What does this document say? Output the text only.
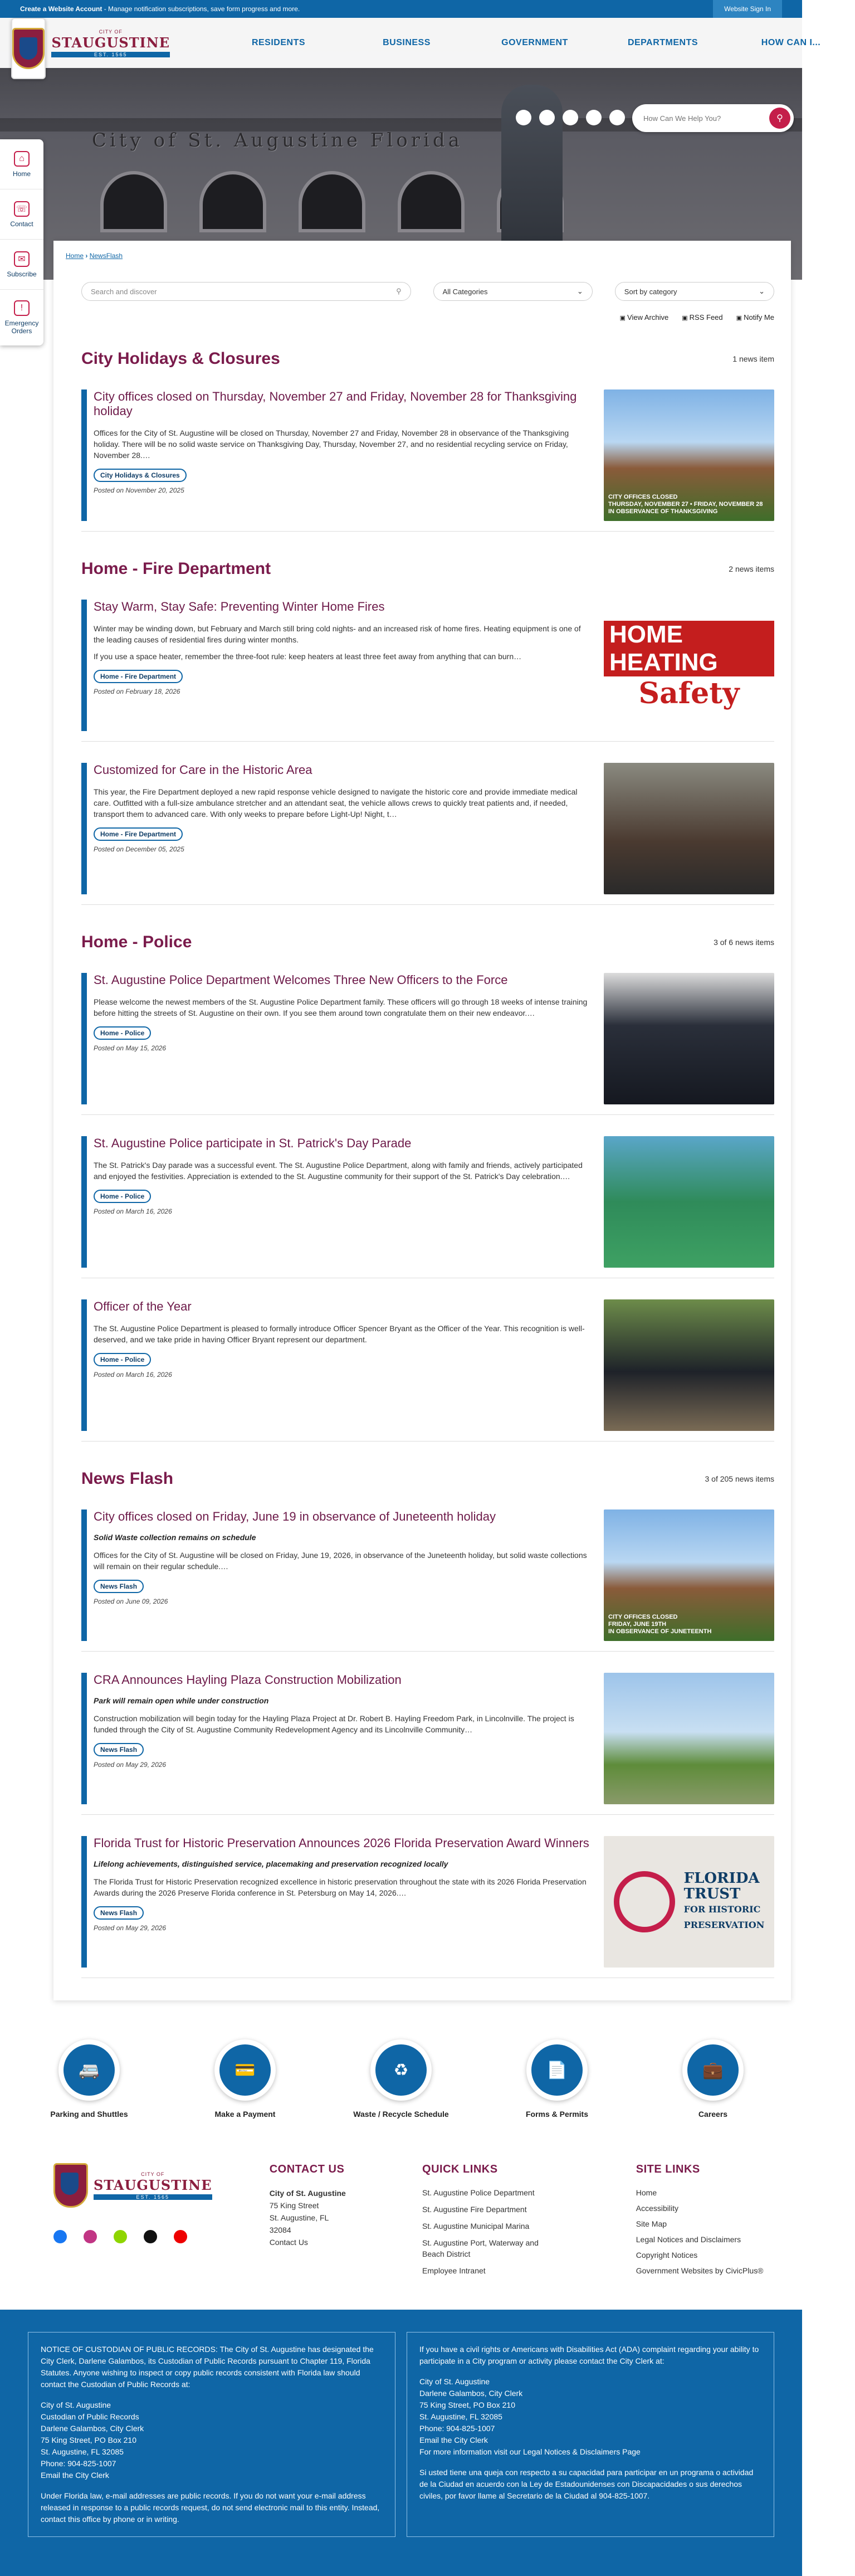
Create a Website Account - Manage notification subscriptions, save form progress and more.	Website Sign In
City of St. Augustine Florida
How Can We Help You?
⚲
CITY OF
STAUGUSTINE
EST. 1565
RESIDENTS	BUSINESS	GOVERNMENT	DEPARTMENTS	HOW CAN I...
⌂
Home
☏
Contact
✉
Subscribe
!
Emergency Orders
Home › NewsFlash
Search and discover	⚲	All Categories	⌄	Sort by category	⌄
▣ View Archive	▣ RSS Feed	▣ Notify Me
City Holidays & Closures	1 news item
City offices closed on Thursday, November 27 and Friday, November 28 for Thanksgiving holiday

Offices for the City of St. Augustine will be closed on Thursday, November 27 and Friday, November 28 in observance of the Thanksgiving holiday. There will be no solid waste service on Thanksgiving Day, Thursday, November 27, and no residential recycling service on Friday, November 28.…

City Holidays & Closures
Posted on November 20, 2025
CITY OFFICES CLOSED
THURSDAY, NOVEMBER 27 • FRIDAY, NOVEMBER 28
IN OBSERVANCE OF THANKSGIVING
Home - Fire Department	2 news items
Stay Warm, Stay Safe: Preventing Winter Home Fires

Winter may be winding down, but February and March still bring cold nights- and an increased risk of home fires. Heating equipment is one of the leading causes of residential fires during winter months.

If you use a space heater, remember the three-foot rule: keep heaters at least three feet away from anything that can burn…

Home - Fire Department
Posted on February 18, 2026
HOME HEATING
Safety
Customized for Care in the Historic Area

This year, the Fire Department deployed a new rapid response vehicle designed to navigate the historic core and provide immediate medical care. Outfitted with a full-size ambulance stretcher and an attendant seat, the vehicle allows crews to quickly treat patients and, if needed, transport them to advanced care. With only weeks to prepare before Light-Up! Night, t…

Home - Fire Department
Posted on December 05, 2025
Home - Police	3 of 6 news items
St. Augustine Police Department Welcomes Three New Officers to the Force

Please welcome the newest members of the St. Augustine Police Department family. These officers will go through 18 weeks of intense training before hitting the streets of St. Augustine on their own. If you see them around town congratulate them on their new endeavor.…

Home - Police
Posted on May 15, 2026
St. Augustine Police participate in St. Patrick's Day Parade

The St. Patrick's Day parade was a successful event. The St. Augustine Police Department, along with family and friends, actively participated and enjoyed the festivities. Appreciation is extended to the St. Augustine community for their support of the St. Patrick's Day celebration.…

Home - Police
Posted on March 16, 2026
Officer of the Year

The St. Augustine Police Department is pleased to formally introduce Officer Spencer Bryant as the Officer of the Year. This recognition is well-deserved, and we take pride in having Officer Bryant represent our department.

Home - Police
Posted on March 16, 2026
News Flash	3 of 205 news items
City offices closed on Friday, June 19 in observance of Juneteenth holiday
Solid Waste collection remains on schedule

Offices for the City of St. Augustine will be closed on Friday, June 19, 2026, in observance of the Juneteenth holiday, but solid waste collections will remain on their regular schedule.…

News Flash
Posted on June 09, 2026
CITY OFFICES CLOSED
FRIDAY, JUNE 19TH
IN OBSERVANCE OF JUNETEENTH
CRA Announces Hayling Plaza Construction Mobilization
Park will remain open while under construction

Construction mobilization will begin today for the Hayling Plaza Project at Dr. Robert B. Hayling Freedom Park, in Lincolnville. The project is funded through the City of St. Augustine Community Redevelopment Agency and its Lincolnville Community…

News Flash
Posted on May 29, 2026
Florida Trust for Historic Preservation Announces 2026 Florida Preservation Award Winners
Lifelong achievements, distinguished service, placemaking and preservation recognized locally

The Florida Trust for Historic Preservation recognized excellence in historic preservation throughout the state with its 2026 Florida Preservation Awards during the 2026 Preserve Florida conference in St. Petersburg on May 14, 2026.…

News Flash
Posted on May 29, 2026
FLORIDA
TRUST
FOR HISTORIC
PRESERVATION
🚐
Parking and Shuttles
💳
Make a Payment
♻
Waste / Recycle Schedule
📄
Forms & Permits
💼
Careers
CITY OF
STAUGUSTINE
EST. 1565
CONTACT US
City of St. Augustine
75 King Street
St. Augustine, FL
32084
Contact Us
QUICK LINKS
St. Augustine Police Department
St. Augustine Fire Department
St. Augustine Municipal Marina
St. Augustine Port, Waterway and Beach District
Employee Intranet
SITE LINKS
Home
Accessibility
Site Map
Legal Notices and Disclaimers
Copyright Notices
Government Websites by CivicPlus®

NOTICE OF CUSTODIAN OF PUBLIC RECORDS: The City of St. Augustine has designated the City Clerk, Darlene Galambos, its Custodian of Public Records pursuant to Chapter 119, Florida Statutes. Anyone wishing to inspect or copy public records consistent with Florida law should contact the Custodian of Public Records at:

City of St. Augustine
Custodian of Public Records
Darlene Galambos, City Clerk
75 King Street, PO Box 210
St. Augustine, FL 32085
Phone: 904-825-1007
Email the City Clerk

Under Florida law, e-mail addresses are public records. If you do not want your e-mail address released in response to a public records request, do not send electronic mail to this entity. Instead, contact this office by phone or in writing.

If you have a civil rights or Americans with Disabilities Act (ADA) complaint regarding your ability to participate in a City program or activity please contact the City Clerk at:

City of St. Augustine
Darlene Galambos, City Clerk
75 King Street, PO Box 210
St. Augustine, FL 32085
Phone: 904-825-1007
Email the City Clerk
For more information visit our Legal Notices & Disclaimers Page

Si usted tiene una queja con respecto a su capacidad para participar en un programa o actividad de la Ciudad en acuerdo con la Ley de Estadounidenses con Discapacidades o sus derechos civiles, por favor llame al Secretario de la Ciudad al 904-825-1007.
